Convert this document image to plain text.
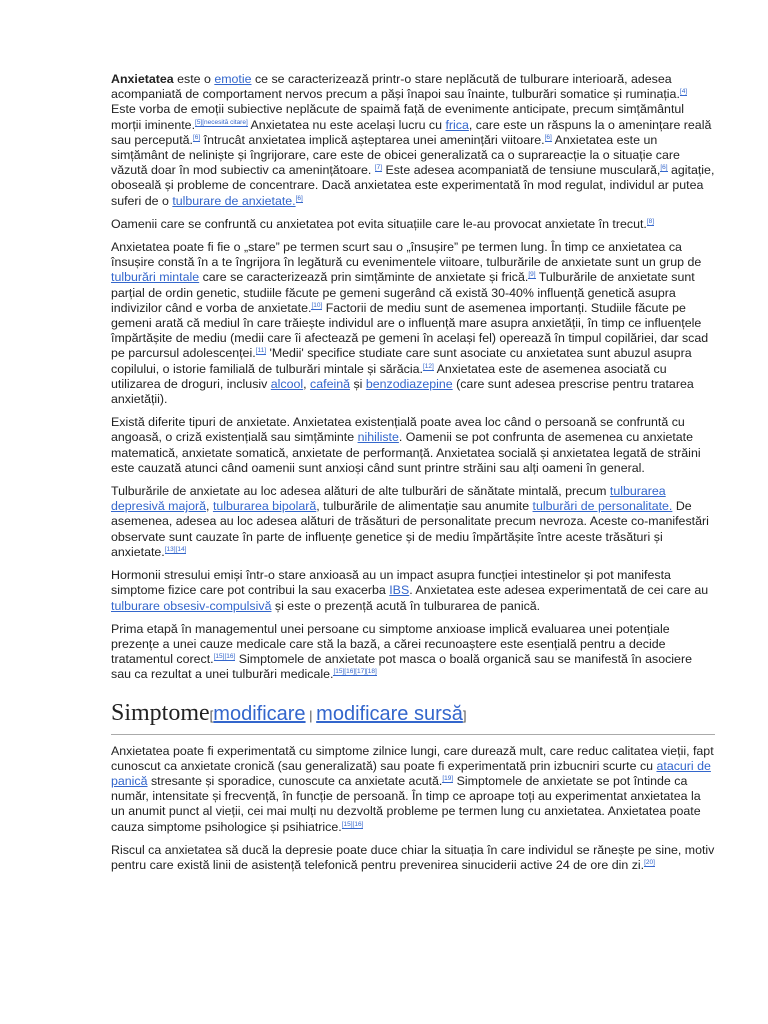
Anxietatea este o emotie ce se caracterizează printr-o stare neplăcută de tulburare interioară, adesea acompaniată de comportament nervos precum a păși înapoi sau înainte, tulburări somatice și ruminația.[4] Este vorba de emoții subiective neplăcute de spaimă față de evenimente anticipate, precum simțământul morții iminente.[5][necesită citare] Anxietatea nu este același lucru cu frica, care este un răspuns la o amenințare reală sau percepută.[6] întrucât anxietatea implică așteptarea unei amenințări viitoare.[6] Anxietatea este un simțământ de neliniște și îngrijorare, care este de obicei generalizată ca o suprareacție la o situație care văzută doar în mod subiectiv ca amenințătoare. [7] Este adesea acompaniată de tensiune musculară,[6] agitație, oboseală și probleme de concentrare. Dacă anxietatea este experimentată în mod regulat, individul ar putea suferi de o tulburare de anxietate.[6]

Oamenii care se confruntă cu anxietatea pot evita situațiile care le-au provocat anxietate în trecut.[8]

Anxietatea poate fi fie o „stare” pe termen scurt sau o „însușire” pe termen lung. În timp ce anxietatea ca însușire constă în a te îngrijora în legătură cu evenimentele viitoare, tulburările de anxietate sunt un grup de tulburări mintale care se caracterizează prin simțăminte de anxietate și frică.[9] Tulburările de anxietate sunt parțial de ordin genetic, studiile făcute pe gemeni sugerând că există 30-40% influență genetică asupra indivizilor când e vorba de anxietate.[10] Factorii de mediu sunt de asemenea importanți. Studiile făcute pe gemeni arată că mediul în care trăiește individul are o influență mare asupra anxietății, în timp ce influențele împărtășite de mediu (medii care îi afectează pe gemeni în același fel) operează în timpul copilăriei, dar scad pe parcursul adolescenței.[11] 'Medii' specifice studiate care sunt asociate cu anxietatea sunt abuzul asupra copilului, o istorie familială de tulburări mintale și sărăcia.[12] Anxietatea este de asemenea asociată cu utilizarea de droguri, inclusiv alcool, cafeină și benzodiazepine (care sunt adesea prescrise pentru tratarea anxietății).

Există diferite tipuri de anxietate. Anxietatea existențială poate avea loc când o persoană se confruntă cu angoasă, o criză existențială sau simțăminte nihiliste. Oamenii se pot confrunta de asemenea cu anxietate matematică, anxietate somatică, anxietate de performanță. Anxietatea socială și anxietatea legată de străini este cauzată atunci când oamenii sunt anxioși când sunt printre străini sau alți oameni în general.

Tulburările de anxietate au loc adesea alături de alte tulburări de sănătate mintală, precum tulburarea depresivă majoră, tulburarea bipolară, tulburările de alimentație sau anumite tulburări de personalitate. De asemenea, adesea au loc adesea alături de trăsături de personalitate precum nevroza. Aceste co-manifestări observate sunt cauzate în parte de influențe genetice și de mediu împărtășite între aceste trăsături și anxietate.[13][14]

Hormonii stresului emiși într-o stare anxioasă au un impact asupra funcției intestinelor și pot manifesta simptome fizice care pot contribui la sau exacerba IBS. Anxietatea este adesea experimentată de cei care au tulburare obsesiv-compulsivă și este o prezență acută în tulburarea de panică.

Prima etapă în managementul unei persoane cu simptome anxioase implică evaluarea unei potențiale prezențe a unei cauze medicale care stă la bază, a cărei recunoaștere este esențială pentru a decide tratamentul corect.[15][16] Simptomele de anxietate pot masca o boală organică sau se manifestă în asociere sau ca rezultat a unei tulburări medicale.[15][16][17][18]

Simptome[modificare | modificare sursă]

Anxietatea poate fi experimentată cu simptome zilnice lungi, care durează mult, care reduc calitatea vieții, fapt cunoscut ca anxietate cronică (sau generalizată) sau poate fi experimentată prin izbucniri scurte cu atacuri de panică stresante și sporadice, cunoscute ca anxietate acută.[19] Simptomele de anxietate se pot întinde ca număr, intensitate și frecvență, în funcție de persoană. În timp ce aproape toți au experimentat anxietatea la un anumit punct al vieții, cei mai mulți nu dezvoltă probleme pe termen lung cu anxietatea. Anxietatea poate cauza simptome psihologice și psihiatrice.[15][16]

Riscul ca anxietatea să ducă la depresie poate duce chiar la situația în care individul se rănește pe sine, motiv pentru care există linii de asistență telefonică pentru prevenirea sinuciderii active 24 de ore din zi.[20]
